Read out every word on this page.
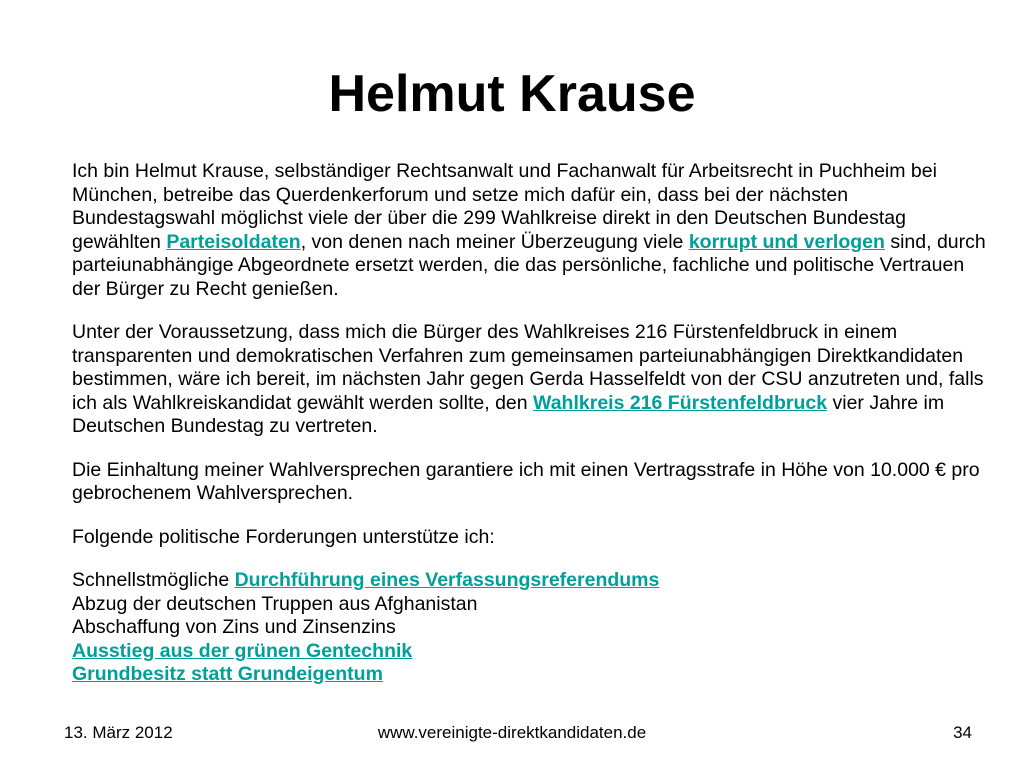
Helmut Krause

Ich bin Helmut Krause, selbständiger Rechtsanwalt und Fachanwalt für Arbeitsrecht in Puchheim bei München, betreibe das Querdenkerforum und setze mich dafür ein, dass bei der nächsten Bundestagswahl möglichst viele der über die 299 Wahlkreise direkt in den Deutschen Bundestag gewählten Parteisoldaten, von denen nach meiner Überzeugung viele korrupt und verlogen sind, durch parteiunabhängige Abgeordnete ersetzt werden, die das persönliche, fachliche und politische Vertrauen der Bürger zu Recht genießen.

Unter der Voraussetzung, dass mich die Bürger des Wahlkreises 216 Fürstenfeldbruck in einem transparenten und demokratischen Verfahren zum gemeinsamen parteiunabhängigen Direktkandidaten bestimmen, wäre ich bereit, im nächsten Jahr gegen Gerda Hasselfeldt von der CSU anzutreten und, falls ich als Wahlkreiskandidat gewählt werden sollte, den Wahlkreis 216 Fürstenfeldbruck vier Jahre im Deutschen Bundestag zu vertreten.

Die Einhaltung meiner Wahlversprechen garantiere ich mit einen Vertragsstrafe in Höhe von 10.000 € pro gebrochenem Wahlversprechen.

Folgende politische Forderungen unterstütze ich:

Schnellstmögliche Durchführung eines Verfassungsreferendums
Abzug der deutschen Truppen aus Afghanistan
Abschaffung von Zins und Zinsenzins
Ausstieg aus der grünen Gentechnik
Grundbesitz statt Grundeigentum
13. März 2012	www.vereinigte-direktkandidaten.de	34
